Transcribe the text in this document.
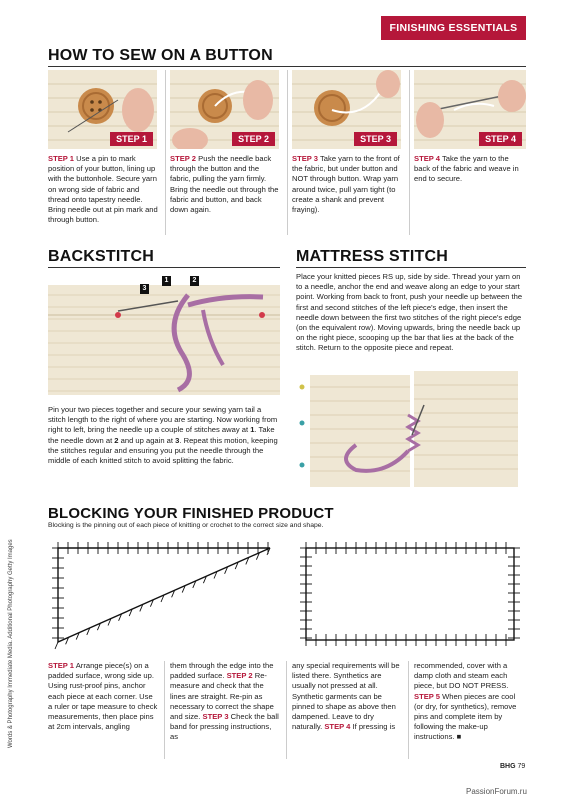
FINISHING ESSENTIALS
HOW TO SEW ON A BUTTON
STEP 1	STEP 2	STEP 3	STEP 4
STEP 1 Use a pin to mark position of your button, lining up with the buttonhole. Secure yarn on wrong side of fabric and thread onto tapestry needle. Bring needle out at pin mark and through button.
STEP 2 Push the needle back through the button and the fabric, pulling the yarn firmly. Bring the needle out through the fabric and button, and back down again.
STEP 3 Take yarn to the front of the fabric, but under button and NOT through button. Wrap yarn around twice, pull yarn tight (to create a shank and prevent fraying).
STEP 4 Take the yarn to the back of the fabric and weave in end to secure.
BACKSTITCH
1	2
3
Pin your two pieces together and secure your sewing yarn tail a stitch length to the right of where you are starting. Now working from right to left, bring the needle up a couple of stitches away at 1. Take the needle down at 2 and up again at 3. Repeat this motion, keeping the stitches regular and ensuring you put the needle through the middle of each knitted stitch to avoid splitting the fabric.
MATTRESS STITCH
Place your knitted pieces RS up, side by side. Thread your yarn on to a needle, anchor the end and weave along an edge to your start point. Working from back to front, push your needle up between the first and second stitches of the left piece's edge, then insert the needle down between the first two stitches of the right piece's edge (on the equivalent row). Moving upwards, bring the needle back up on the right piece, scooping up the bar that lies at the back of the stitch. Return to the opposite piece and repeat.
BLOCKING YOUR FINISHED PRODUCT
Blocking is the pinning out of each piece of knitting or crochet to the correct size and shape.
STEP 1 Arrange piece(s) on a padded surface, wrong side up. Using rust-proof pins, anchor each piece at each corner. Use a ruler or tape measure to check measurements, then place pins at 2cm intervals, angling
them through the edge into the padded surface. STEP 2 Re-measure and check that the lines are straight. Re-pin as necessary to correct the shape and size. STEP 3 Check the ball band for pressing instructions, as
any special requirements will be listed there. Synthetics are usually not pressed at all. Synthetic garments can be pinned to shape as above then dampened. Leave to dry naturally. STEP 4 If pressing is
recommended, cover with a damp cloth and steam each piece, but DO NOT PRESS. STEP 5 When pieces are cool (or dry, for synthetics), remove pins and complete item by following the make-up instructions. ■
Words & Photography Immediate Media. Additional Photography Getty Images
BHG 79
PassionForum.ru
